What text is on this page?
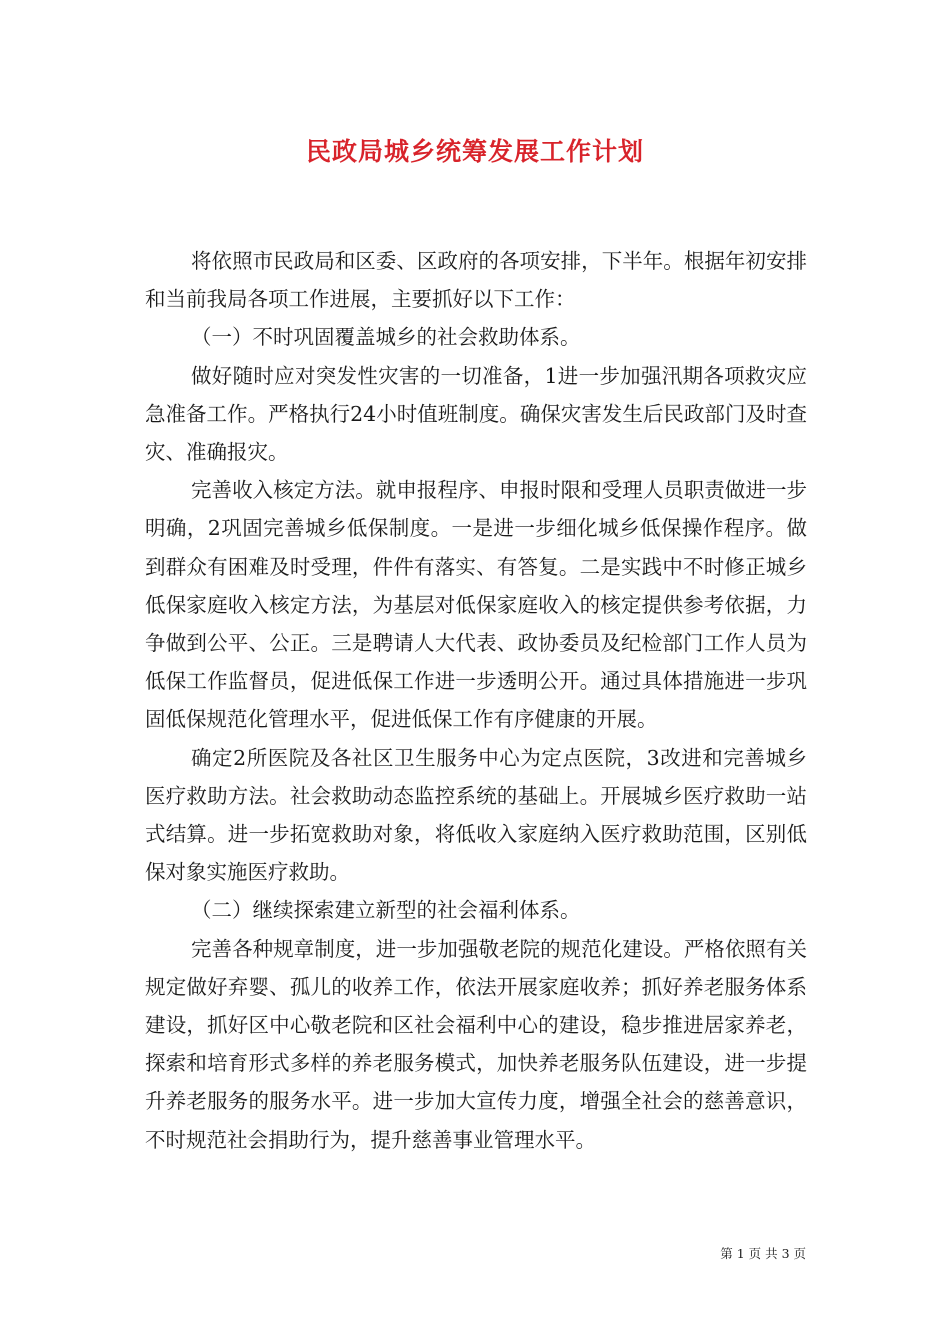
民政局城乡统筹发展工作计划

将依照市民政局和区委、区政府的各项安排，下半年。根据年初安排和当前我局各项工作进展，主要抓好以下工作：

（一）不时巩固覆盖城乡的社会救助体系。

做好随时应对突发性灾害的一切准备，1进一步加强汛期各项救灾应急准备工作。严格执行24小时值班制度。确保灾害发生后民政部门及时查灾、准确报灾。

完善收入核定方法。就申报程序、申报时限和受理人员职责做进一步明确，2巩固完善城乡低保制度。一是进一步细化城乡低保操作程序。做到群众有困难及时受理，件件有落实、有答复。二是实践中不时修正城乡低保家庭收入核定方法，为基层对低保家庭收入的核定提供参考依据，力争做到公平、公正。三是聘请人大代表、政协委员及纪检部门工作人员为低保工作监督员，促进低保工作进一步透明公开。通过具体措施进一步巩固低保规范化管理水平，促进低保工作有序健康的开展。

确定2所医院及各社区卫生服务中心为定点医院，3改进和完善城乡医疗救助方法。社会救助动态监控系统的基础上。开展城乡医疗救助一站式结算。进一步拓宽救助对象，将低收入家庭纳入医疗救助范围，区别低保对象实施医疗救助。

（二）继续探索建立新型的社会福利体系。

完善各种规章制度，进一步加强敬老院的规范化建设。严格依照有关规定做好弃婴、孤儿的收养工作，依法开展家庭收养；抓好养老服务体系建设，抓好区中心敬老院和区社会福利中心的建设，稳步推进居家养老，探索和培育形式多样的养老服务模式，加快养老服务队伍建设，进一步提升养老服务的服务水平。进一步加大宣传力度，增强全社会的慈善意识，不时规范社会捐助行为，提升慈善事业管理水平。

第 1 页 共 3 页
